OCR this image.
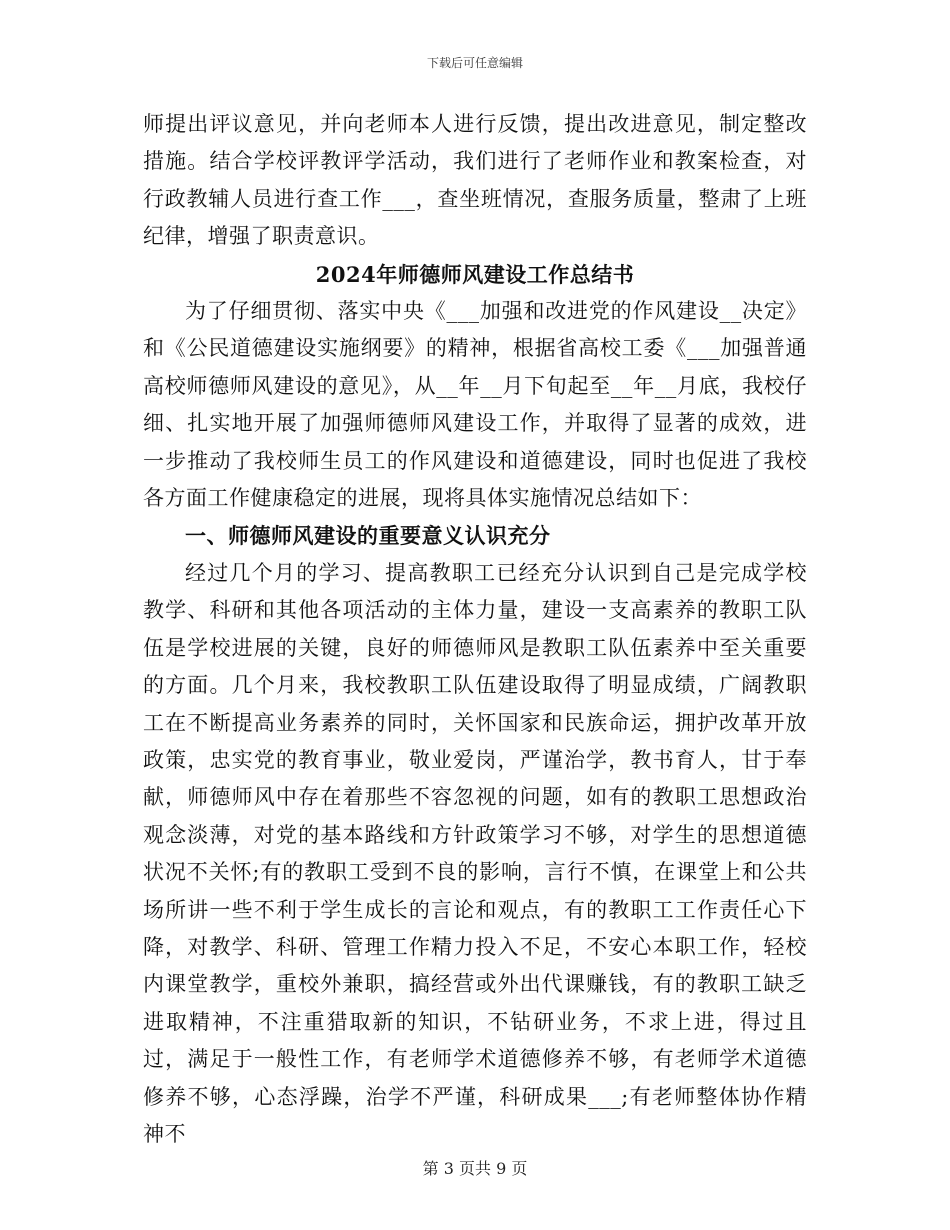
下载后可任意编辑

师提出评议意见，并向老师本人进行反馈，提出改进意见，制定整改措施。结合学校评教评学活动，我们进行了老师作业和教案检查，对行政教辅人员进行查工作___，查坐班情况，查服务质量，整肃了上班纪律，增强了职责意识。

2024年师德师风建设工作总结书

为了仔细贯彻、落实中央《___加强和改进党的作风建设__决定》和《公民道德建设实施纲要》的精神，根据省高校工委《___加强普通高校师德师风建设的意见》，从__年__月下旬起至__年__月底，我校仔细、扎实地开展了加强师德师风建设工作，并取得了显著的成效，进一步推动了我校师生员工的作风建设和道德建设，同时也促进了我校各方面工作健康稳定的进展，现将具体实施情况总结如下：

一、师德师风建设的重要意义认识充分

经过几个月的学习、提高教职工已经充分认识到自己是完成学校教学、科研和其他各项活动的主体力量，建设一支高素养的教职工队伍是学校进展的关键，良好的师德师风是教职工队伍素养中至关重要的方面。几个月来，我校教职工队伍建设取得了明显成绩，广阔教职工在不断提高业务素养的同时，关怀国家和民族命运，拥护改革开放政策，忠实党的教育事业，敬业爱岗，严谨治学，教书育人，甘于奉献，师德师风中存在着那些不容忽视的问题，如有的教职工思想政治观念淡薄，对党的基本路线和方针政策学习不够，对学生的思想道德状况不关怀;有的教职工受到不良的影响，言行不慎，在课堂上和公共场所讲一些不利于学生成长的言论和观点，有的教职工工作责任心下降，对教学、科研、管理工作精力投入不足，不安心本职工作，轻校内课堂教学，重校外兼职，搞经营或外出代课赚钱，有的教职工缺乏进取精神，不注重猎取新的知识，不钻研业务，不求上进，得过且过，满足于一般性工作，有老师学术道德修养不够，有老师学术道德修养不够，心态浮躁，治学不严谨，科研成果___;有老师整体协作精神不

第 3 页共 9 页
